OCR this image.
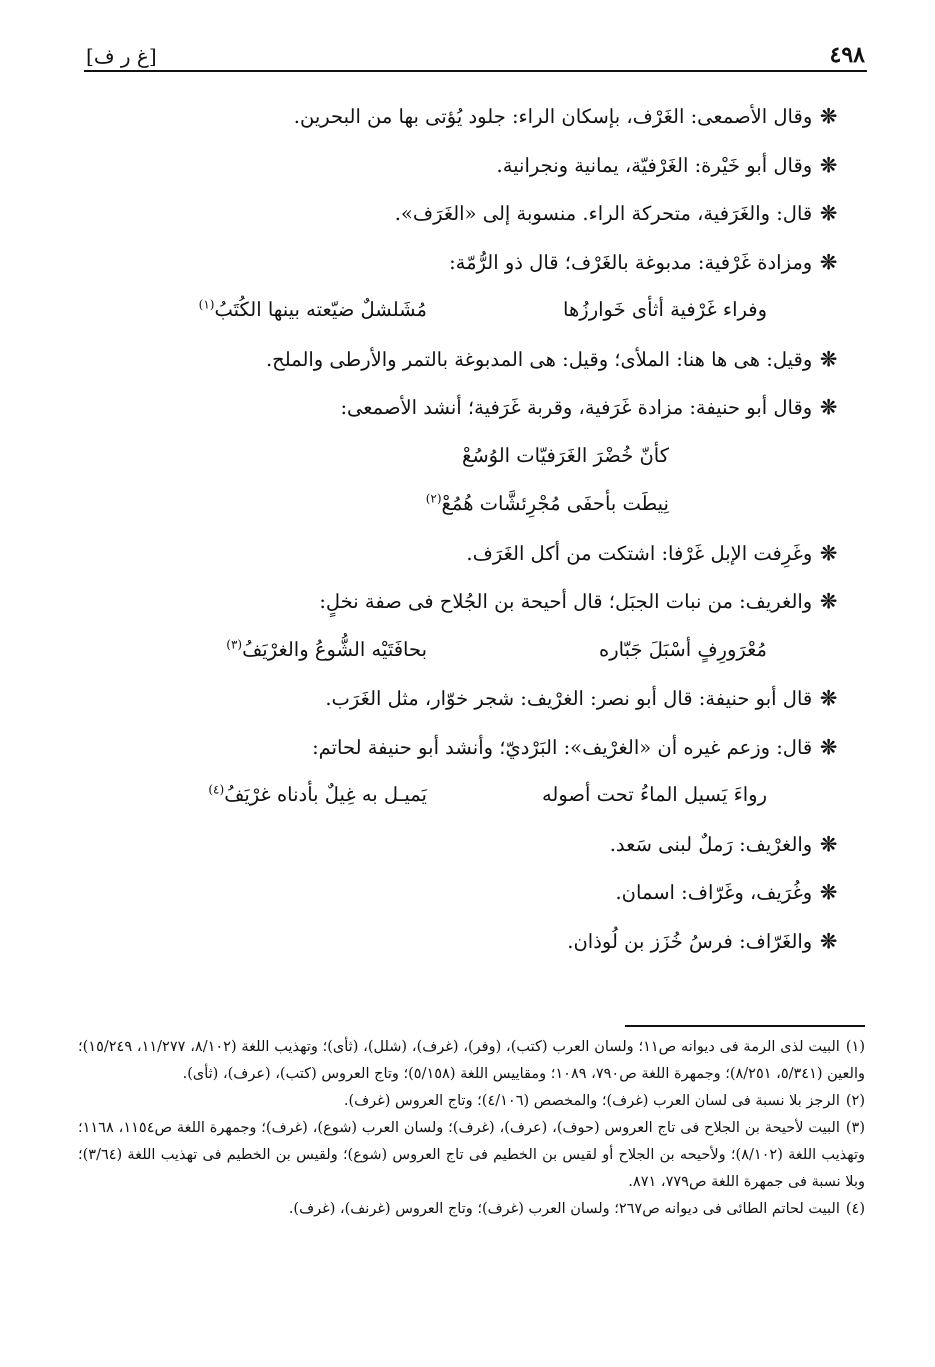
[غ ر ف]	٤٩٨
❊وقال الأصمعى: الغَرْف، بإسكان الراء: جلود يُؤتى بها من البحرين.
❊وقال أبو خَيْرة: الغَرْفيّة، يمانية ونجرانية.
❊قال: والغَرَفية، متحركة الراء. منسوبة إلى «الغَرَف».
❊ومزادة غَرْفية: مدبوغة بالغَرْف؛ قال ذو الرُّمّة:
وفراء غَرْفية أثأى خَوارزُها
مُشَلشلٌ ضيّعته بينها الكُتَبُ$^{(١)}$
❊وقيل: هى ها هنا: الملأى؛ وقيل: هى المدبوغة بالتمر والأرطى والملح.
❊وقال أبو حنيفة: مزادة غَرَفية، وقربة غَرَفية؛ أنشد الأصمعى:
كأنّ خُضْرَ الغَرَفيّات الوُسُعْ
نِيطَت بأحفَى مُجْرِئشَّات هُمُعْ$^{(٢)}$
❊وغَرِفت الإبل غَرْفا: اشتكت من أكل الغَرَف.
❊والغريف: من نبات الجبَل؛ قال أحيحة بن الجُلاح فى صفة نخلٍ:
مُعْرَورِفٍ أسْبَلَ جَبّاره
بحافَتَيْه الشُّوعُ والغرْيَفُ$^{(٣)}$
❊قال أبو حنيفة: قال أبو نصر: الغرْيف: شجر خوّار، مثل الغَرَب.
❊قال: وزعم غيره أن «الغرْيف»: البَرْديّ؛ وأنشد أبو حنيفة لحاتم:
رواءَ يَسيل الماءُ تحت أصوله
يَميـل به غِيلٌ بأدناه غرْيَفُ$^{(٤)}$
❊والغرْيف: رَملٌ لبنى سَعد.
❊وغُرَيف، وغَرّاف: اسمان.
❊والغَرّاف: فرسُ خُزَز بن لُوذان.
(١)البيت لذى الرمة فى ديوانه ص١١؛ ولسان العرب (كتب)، (وفر)، (غرف)، (شلل)، (ثأى)؛ وتهذيب اللغة (٨/١٠٢، ١١/٢٧٧، ١٥/٢٤٩)؛ والعين (٥/٣٤١، ٨/٢٥١)؛ وجمهرة اللغة ص٧٩٠، ١٠٨٩؛ ومقاييس اللغة (٥/١٥٨)؛ وتاج العروس (كتب)، (عرف)، (ثأى).
(٢)الرجز بلا نسبة فى لسان العرب (غرف)؛ والمخصص (٤/١٠٦)؛ وتاج العروس (غرف).
(٣)البيت لأحيحة بن الجلاح فى تاج العروس (حوف)، (عرف)، (غرف)؛ ولسان العرب (شوع)، (غرف)؛ وجمهرة اللغة ص١١٥٤، ١١٦٨؛ وتهذيب اللغة (٨/١٠٢)؛ ولأحيحه بن الجلاح أو لقيس بن الخطيم فى تاج العروس (شوع)؛ ولقيس بن الخطيم فى تهذيب اللغة (٣/٦٤)؛ وبلا نسبة فى جمهرة اللغة ص٧٧٩، ٨٧١.
(٤)البيت لحاتم الطائى فى ديوانه ص٢٦٧؛ ولسان العرب (غرف)؛ وتاج العروس (غرنف)، (غرف).
